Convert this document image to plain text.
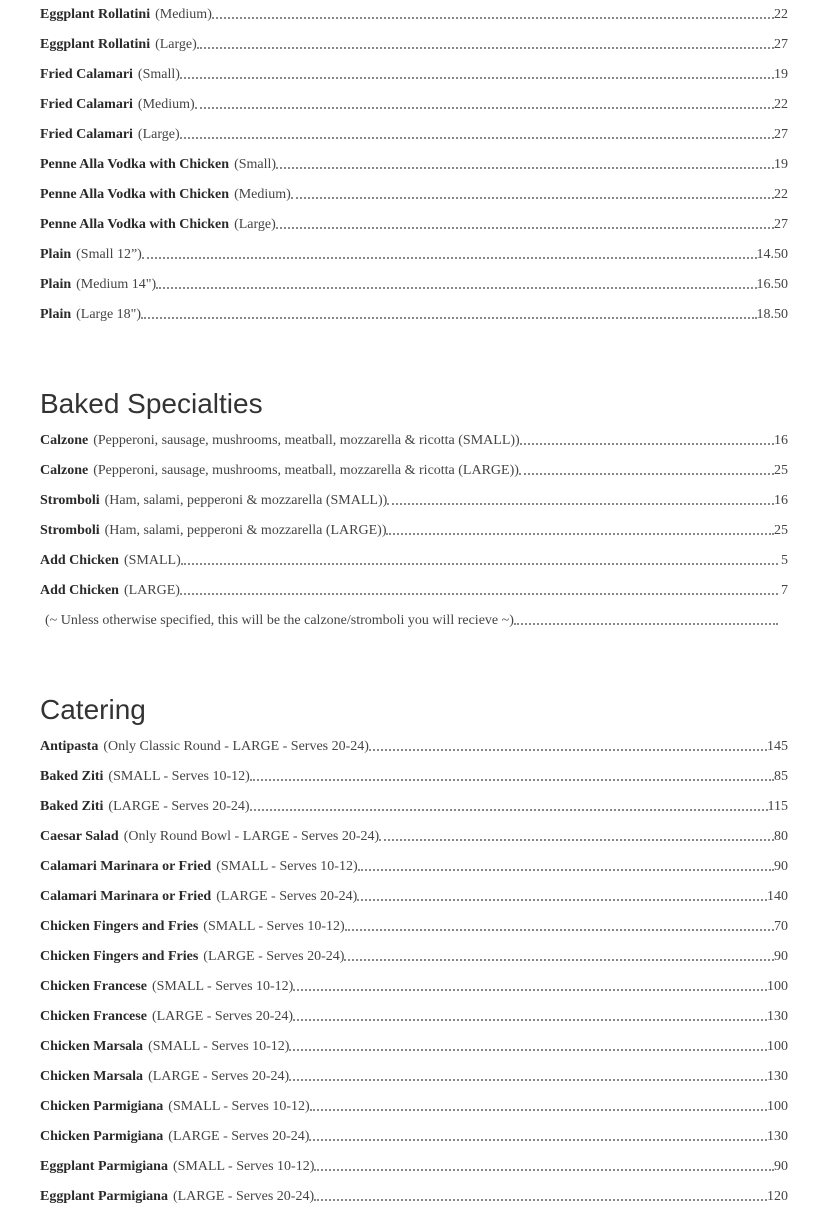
Eggplant Rollatini (Medium)	22
Eggplant Rollatini (Large)	27
Fried Calamari (Small)	19
Fried Calamari (Medium)	22
Fried Calamari (Large)	27
Penne Alla Vodka with Chicken (Small)	19
Penne Alla Vodka with Chicken (Medium)	22
Penne Alla Vodka with Chicken (Large)	27
Plain (Small 12”)	14.50
Plain (Medium 14")	16.50
Plain (Large 18")	18.50
Baked Specialties
Calzone (Pepperoni, sausage, mushrooms, meatball, mozzarella & ricotta (SMALL))	16
Calzone (Pepperoni, sausage, mushrooms, meatball, mozzarella & ricotta (LARGE))	25
Stromboli (Ham, salami, pepperoni & mozzarella (SMALL))	16
Stromboli (Ham, salami, pepperoni & mozzarella (LARGE))	25
Add Chicken (SMALL)	5
Add Chicken (LARGE)	7
(~ Unless otherwise specified, this will be the calzone/stromboli you will recieve ~)
Catering
Antipasta (Only Classic Round - LARGE - Serves 20-24)	145
Baked Ziti (SMALL - Serves 10-12)	85
Baked Ziti (LARGE - Serves 20-24)	115
Caesar Salad (Only Round Bowl - LARGE - Serves 20-24)	80
Calamari Marinara or Fried (SMALL - Serves 10-12)	90
Calamari Marinara or Fried (LARGE - Serves 20-24)	140
Chicken Fingers and Fries (SMALL - Serves 10-12)	70
Chicken Fingers and Fries (LARGE - Serves 20-24)	90
Chicken Francese (SMALL - Serves 10-12)	100
Chicken Francese (LARGE - Serves 20-24)	130
Chicken Marsala (SMALL - Serves 10-12)	100
Chicken Marsala (LARGE - Serves 20-24)	130
Chicken Parmigiana (SMALL - Serves 10-12)	100
Chicken Parmigiana (LARGE - Serves 20-24)	130
Eggplant Parmigiana (SMALL - Serves 10-12)	90
Eggplant Parmigiana (LARGE - Serves 20-24)	120
